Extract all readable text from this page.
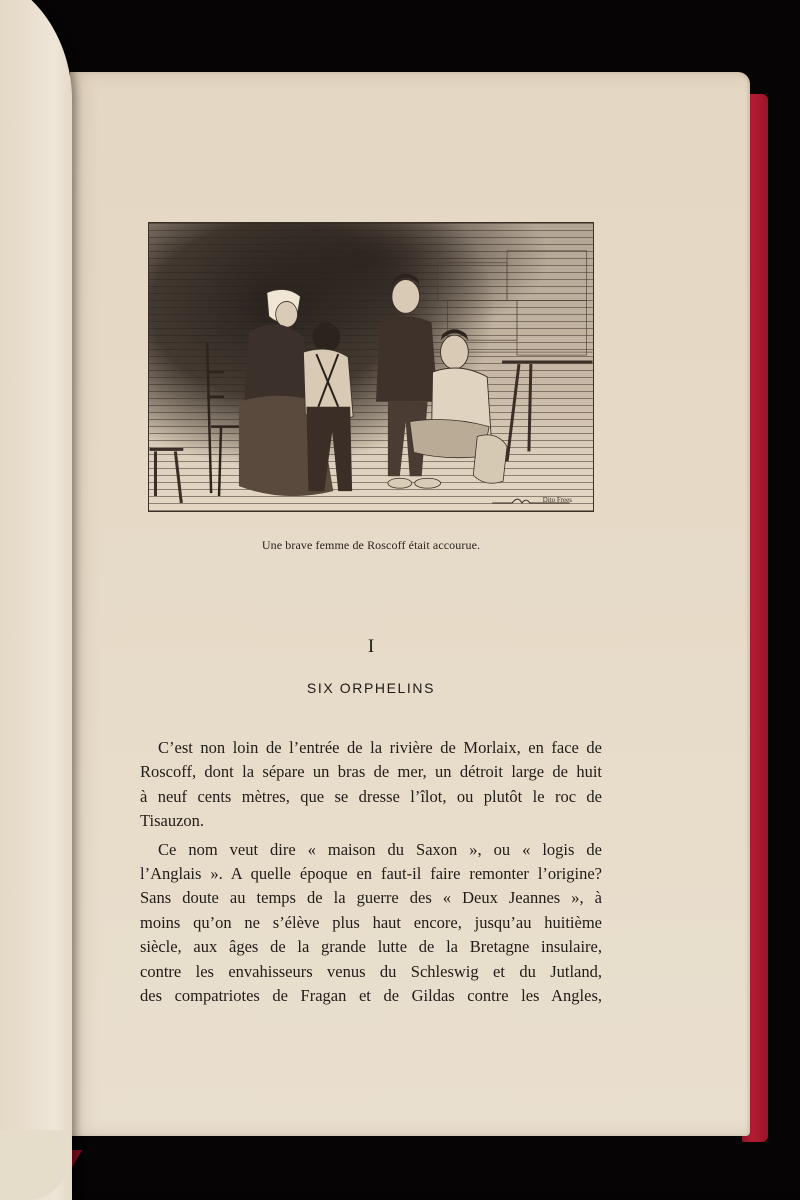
Dito Frees
Une brave femme de Roscoff était accourue.
I
SIX ORPHELINS

C’est non loin de l’entrée de la rivière de Morlaix, en face de
Roscoff, dont la sépare un bras de mer, un détroit large de huit
à neuf cents mètres, que se dresse l’îlot, ou plutôt le roc de
Tisauzon.

Ce nom veut dire « maison du Saxon », ou « logis de
l’Anglais ». A quelle époque en faut-il faire remonter l’origine?
Sans doute au temps de la guerre des « Deux Jeannes », à
moins qu’on ne s’élève plus haut encore, jusqu’au huitième
siècle, aux âges de la grande lutte de la Bretagne insulaire,
contre les envahisseurs venus du Schleswig et du Jutland,
des compatriotes de Fragan et de Gildas contre les Angles,
